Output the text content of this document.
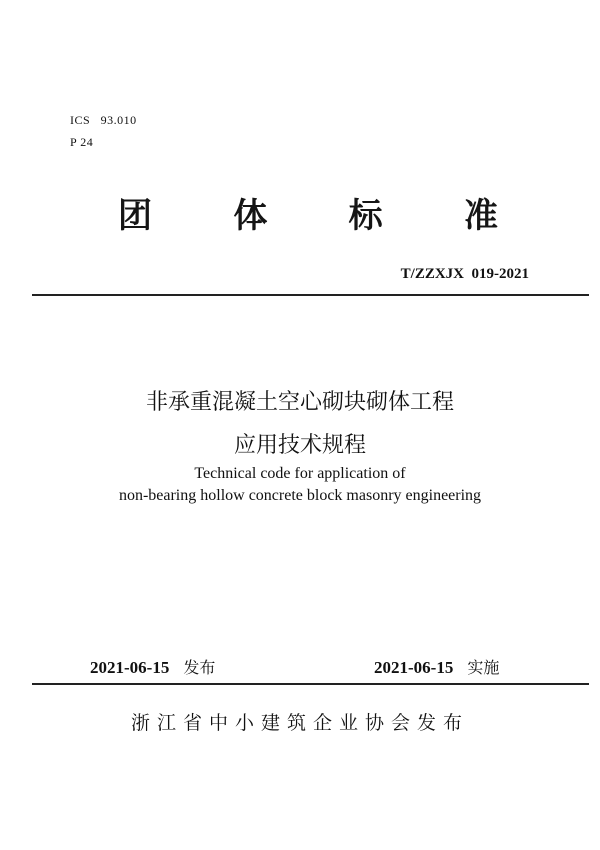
ICS   93.010
P 24
团 体 标 准
T/ZZXJX  019-2021
非承重混凝土空心砌块砌体工程
应用技术规程
Technical code for application of
non-bearing hollow concrete block masonry engineering
2021-06-15 发布	2021-06-15 实施
浙江省中小建筑企业协会发布
